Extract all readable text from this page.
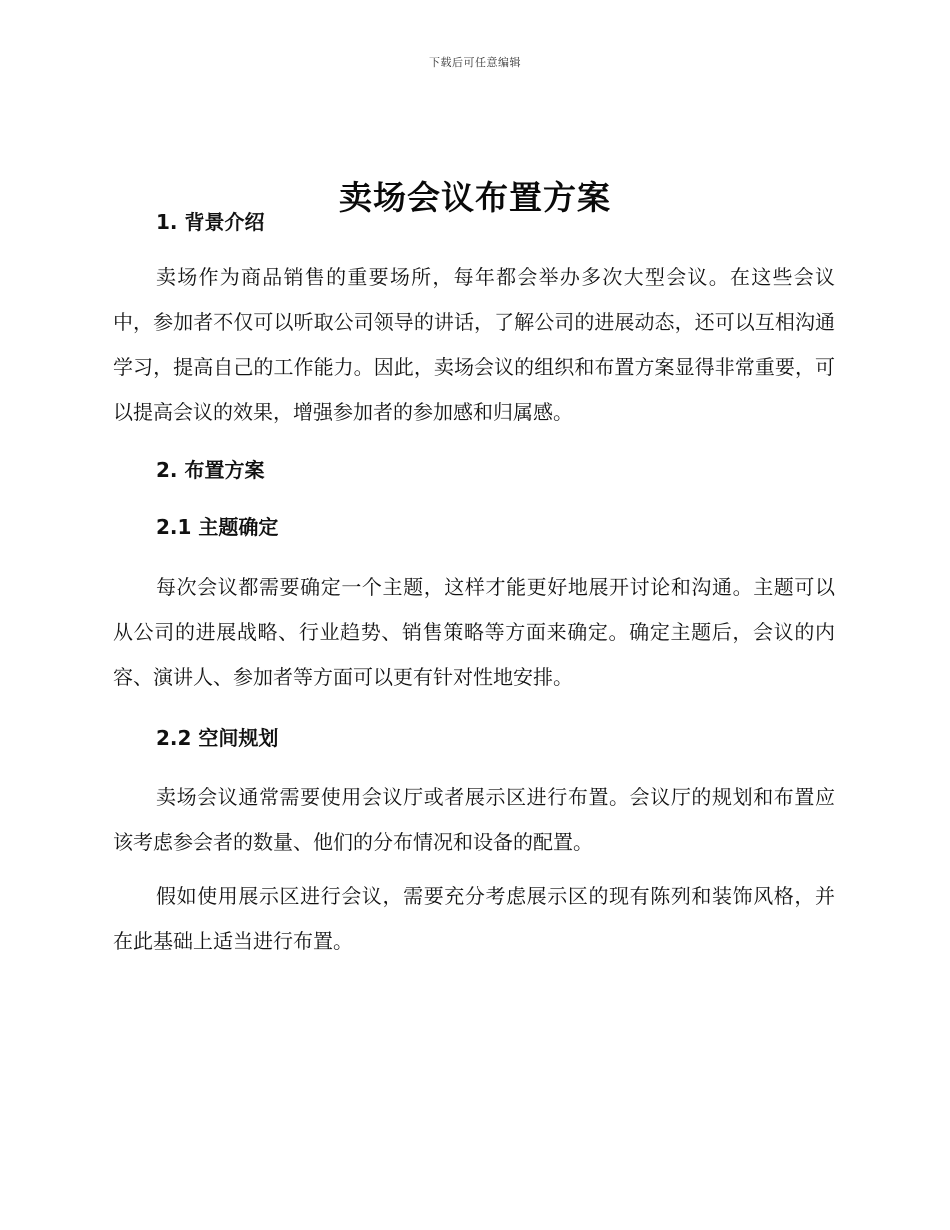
下载后可任意编辑
卖场会议布置方案
1. 背景介绍

卖场作为商品销售的重要场所，每年都会举办多次大型会议。在这些会议中，参加者不仅可以听取公司领导的讲话，了解公司的进展动态，还可以互相沟通学习，提高自己的工作能力。因此，卖场会议的组织和布置方案显得非常重要，可以提高会议的效果，增强参加者的参加感和归属感。

2. 布置方案
2.1 主题确定

每次会议都需要确定一个主题，这样才能更好地展开讨论和沟通。主题可以从公司的进展战略、行业趋势、销售策略等方面来确定。确定主题后，会议的内容、演讲人、参加者等方面可以更有针对性地安排。

2.2 空间规划

卖场会议通常需要使用会议厅或者展示区进行布置。会议厅的规划和布置应该考虑参会者的数量、他们的分布情况和设备的配置。

假如使用展示区进行会议，需要充分考虑展示区的现有陈列和装饰风格，并在此基础上适当进行布置。
